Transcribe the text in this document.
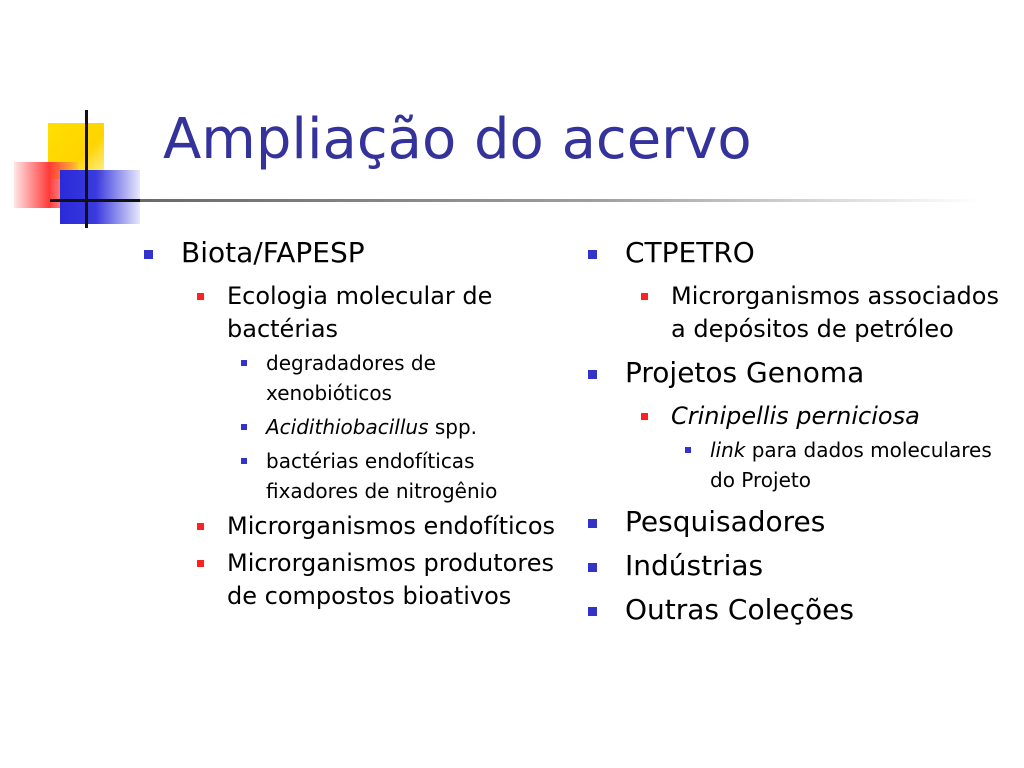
Ampliação do acervo
Biota/FAPESP
Ecologia molecular de bactérias
degradadores de xenobióticos
Acidithiobacillus spp.
bactérias endofíticas fixadores de nitrogênio
Microrganismos endofíticos
Microrganismos produtores de compostos bioativos
CTPETRO
Microrganismos associados a depósitos de petróleo
Projetos Genoma
Crinipellis perniciosa
link para dados moleculares do Projeto
Pesquisadores
Indústrias
Outras Coleções
